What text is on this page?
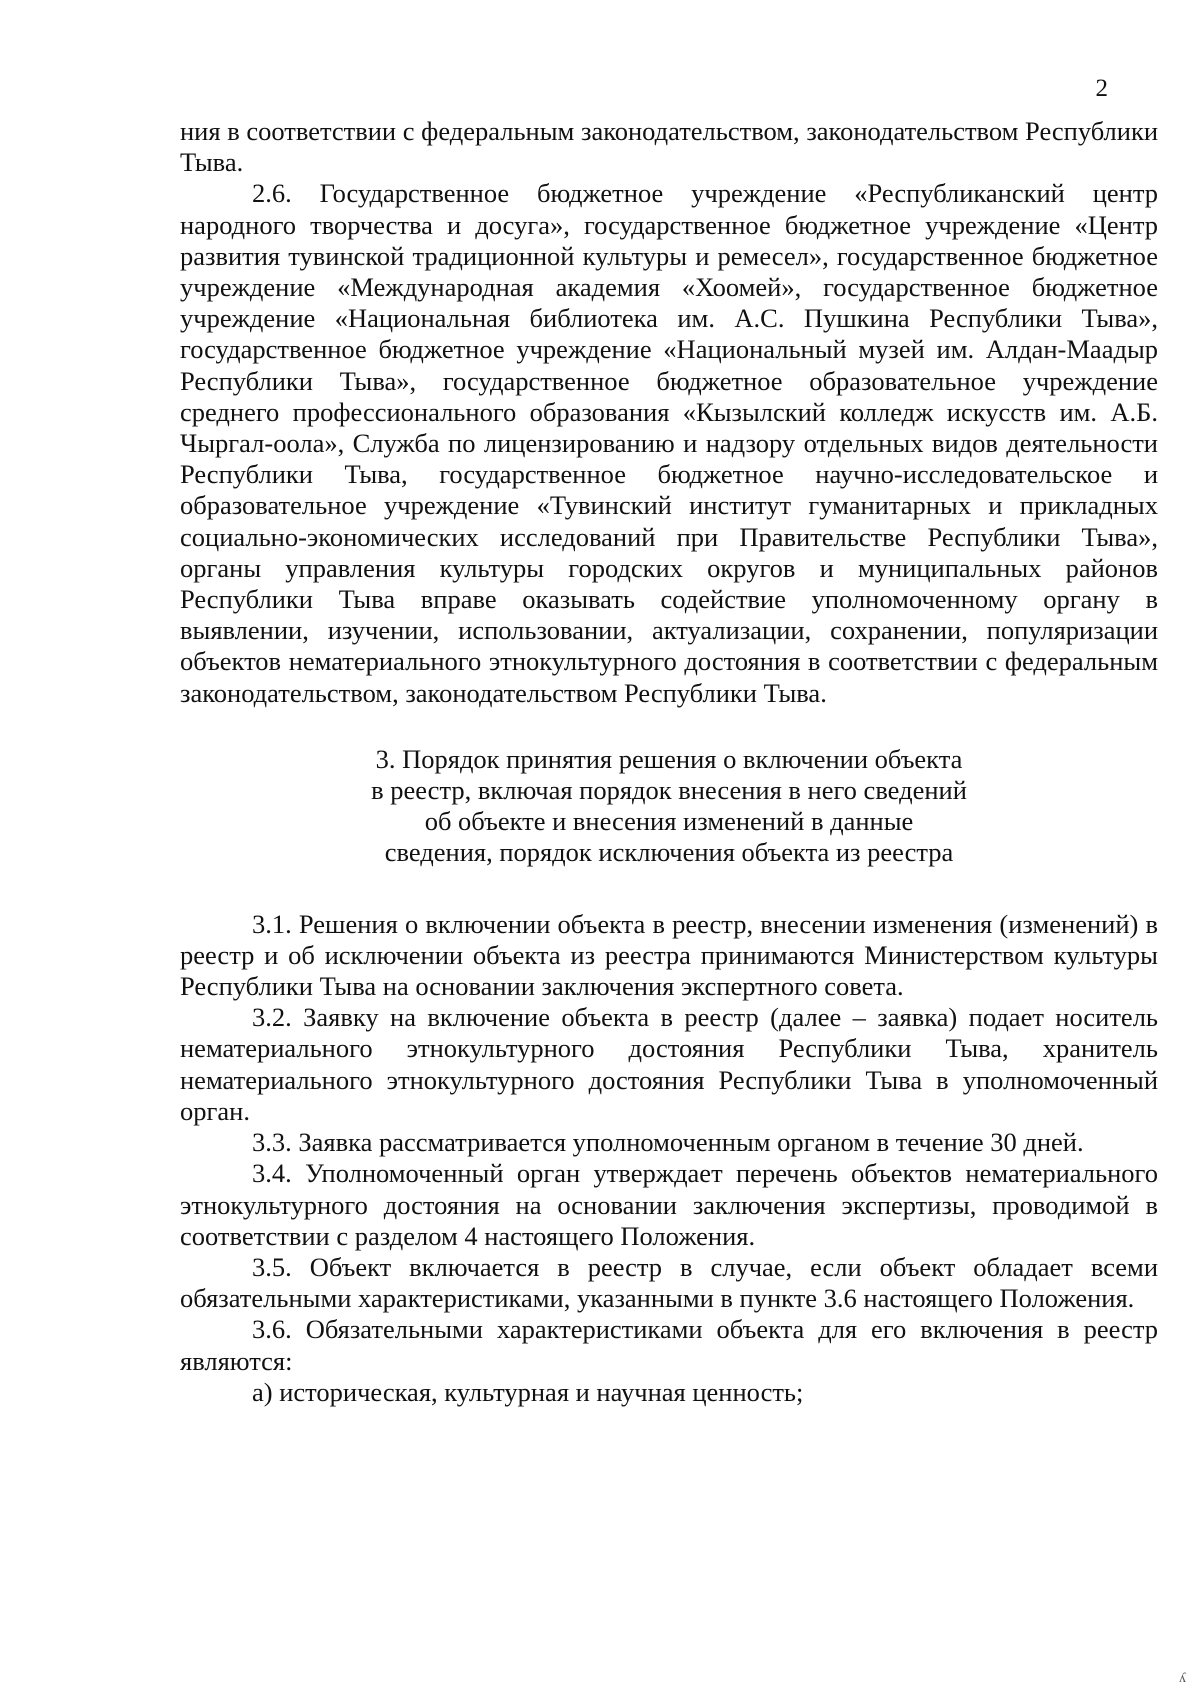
2

ния в соответствии с федеральным законодательством, законодательством Республики Тыва.

2.6. Государственное бюджетное учреждение «Республиканский центр народного творчества и досуга», государственное бюджетное учреждение «Центр развития тувинской традиционной культуры и ремесел», государственное бюджетное учреждение «Международная академия «Хоомей», государственное бюджетное учреждение «Национальная библиотека им. А.С. Пушкина Республики Тыва», государственное бюджетное учреждение «Национальный музей им. Алдан-Маадыр Республики Тыва», государственное бюджетное образовательное учреждение среднего профессионального образования «Кызылский колледж искусств им. А.Б. Чыргал-оола», Служба по лицензированию и надзору отдельных видов деятельности Республики Тыва, государственное бюджетное научно-исследовательское и образовательное учреждение «Тувинский институт гуманитарных и прикладных социально-экономических исследований при Правительстве Республики Тыва», органы управления культуры городских округов и муниципальных районов Республики Тыва вправе оказывать содействие уполномоченному органу в выявлении, изучении, использовании, актуализации, сохранении, популяризации объектов нематериального этнокультурного достояния в соответствии с федеральным законодательством, законодательством Республики Тыва.

3. Порядок принятия решения о включении объекта
в реестр, включая порядок внесения в него сведений
об объекте и внесения изменений в данные
сведения, порядок исключения объекта из реестра

3.1. Решения о включении объекта в реестр, внесении изменения (изменений) в реестр и об исключении объекта из реестра принимаются Министерством культуры Республики Тыва на основании заключения экспертного совета.

3.2. Заявку на включение объекта в реестр (далее – заявка) подает носитель нематериального этнокультурного достояния Республики Тыва, хранитель нематериального этнокультурного достояния Республики Тыва в уполномоченный орган.

3.3. Заявка рассматривается уполномоченным органом в течение 30 дней.

3.4. Уполномоченный орган утверждает перечень объектов нематериального этнокультурного достояния на основании заключения экспертизы, проводимой в соответствии с разделом 4 настоящего Положения.

3.5. Объект включается в реестр в случае, если объект обладает всеми обязательными характеристиками, указанными в пункте 3.6 настоящего Положения.

3.6. Обязательными характеристиками объекта для его включения в реестр являются:

а) историческая, культурная и научная ценность;

ʎ
